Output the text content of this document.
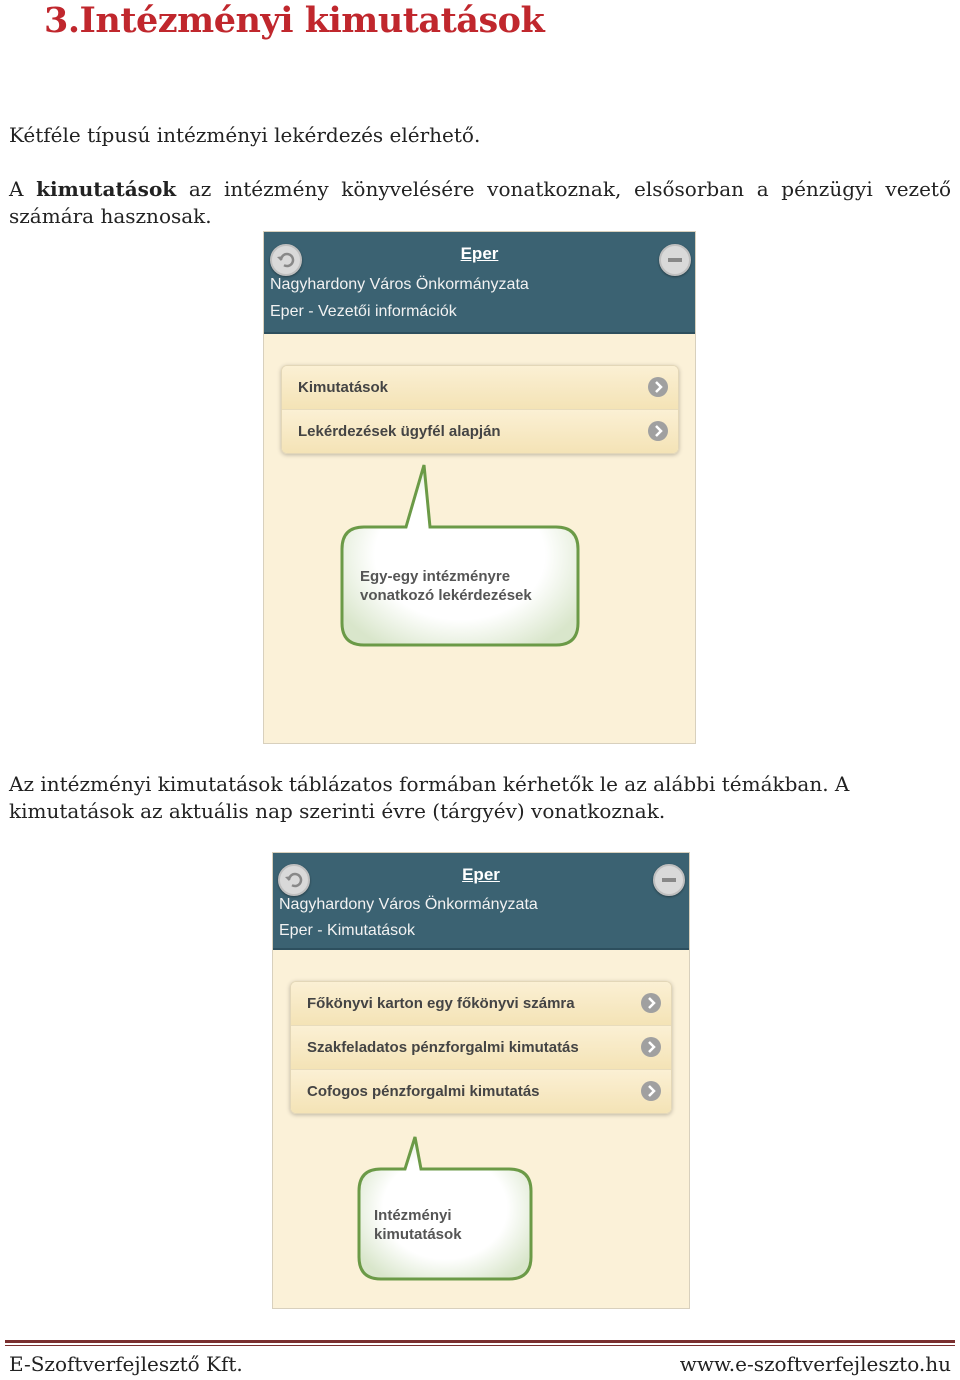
3.Intézményi kimutatások
Kétféle típusú intézményi lekérdezés elérhető.
A kimutatások az intézmény könyvelésére vonatkoznak, elsősorban a pénzügyi vezető számára hasznosak.
Eper
Nagyhardony Város Önkormányzata
Eper - Vezetői információk
Kimutatások
Lekérdezések ügyfél alapján
Egy-egy intézményre
vonatkozó lekérdezések
Az intézményi kimutatások táblázatos formában kérhetők le az alábbi témákban. A kimutatások az aktuális nap szerinti évre (tárgyév) vonatkoznak.
Eper
Nagyhardony Város Önkormányzata
Eper - Kimutatások
Főkönyvi karton egy főkönyvi számra
Szakfeladatos pénzforgalmi kimutatás
Cofogos pénzforgalmi kimutatás
Intézményi
kimutatások
E-Szoftverfejlesztő Kft.	www.e-szoftverfejleszto.hu
